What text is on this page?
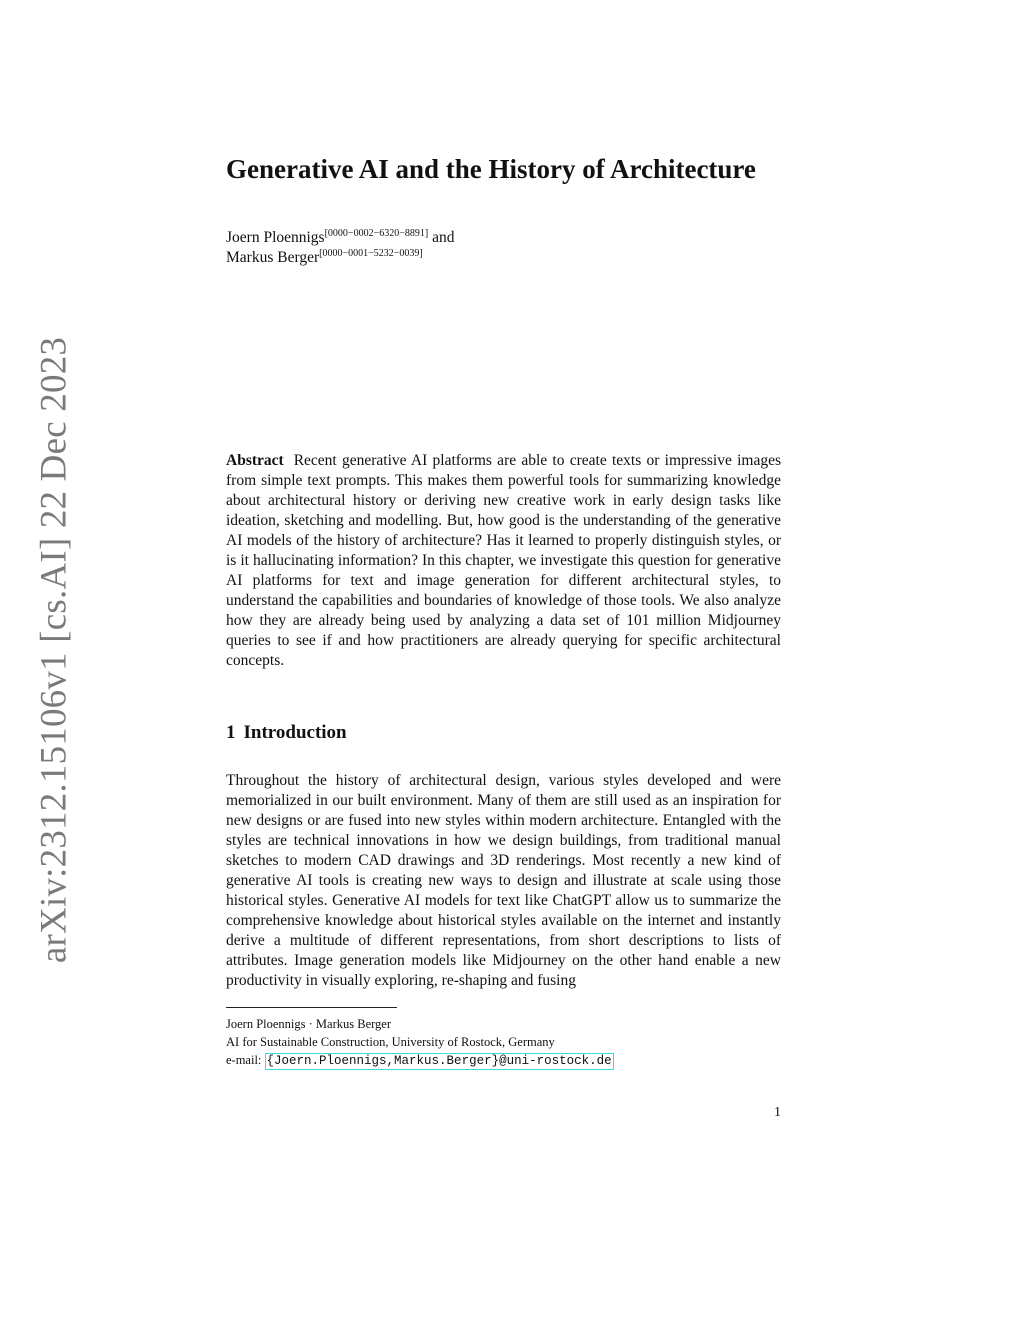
arXiv:2312.15106v1 [cs.AI] 22 Dec 2023
Generative AI and the History of Architecture
Joern Ploennigs[0000−0002−6320−8891] and
Markus Berger[0000−0001−5232−0039]

Abstract Recent generative AI platforms are able to create texts or impressive images from simple text prompts. This makes them powerful tools for summarizing knowledge about architectural history or deriving new creative work in early design tasks like ideation, sketching and modelling. But, how good is the understanding of the generative AI models of the history of architecture? Has it learned to properly distinguish styles, or is it hallucinating information? In this chapter, we investigate this question for generative AI platforms for text and image generation for different architectural styles, to understand the capabilities and boundaries of knowledge of those tools. We also analyze how they are already being used by analyzing a data set of 101 million Midjourney queries to see if and how practitioners are already querying for specific architectural concepts.

1 Introduction

Throughout the history of architectural design, various styles developed and were memorialized in our built environment. Many of them are still used as an inspiration for new designs or are fused into new styles within modern architecture. Entangled with the styles are technical innovations in how we design buildings, from traditional manual sketches to modern CAD drawings and 3D renderings. Most recently a new kind of generative AI tools is creating new ways to design and illustrate at scale using those historical styles. Generative AI models for text like ChatGPT allow us to summarize the comprehensive knowledge about historical styles available on the internet and instantly derive a multitude of different representations, from short descriptions to lists of attributes. Image generation models like Midjourney on the other hand enable a new productivity in visually exploring, re-shaping and fusing

Joern Ploennigs · Markus Berger
AI for Sustainable Construction, University of Rostock, Germany
e-mail: {Joern.Ploennigs,Markus.Berger}@uni-rostock.de
1
